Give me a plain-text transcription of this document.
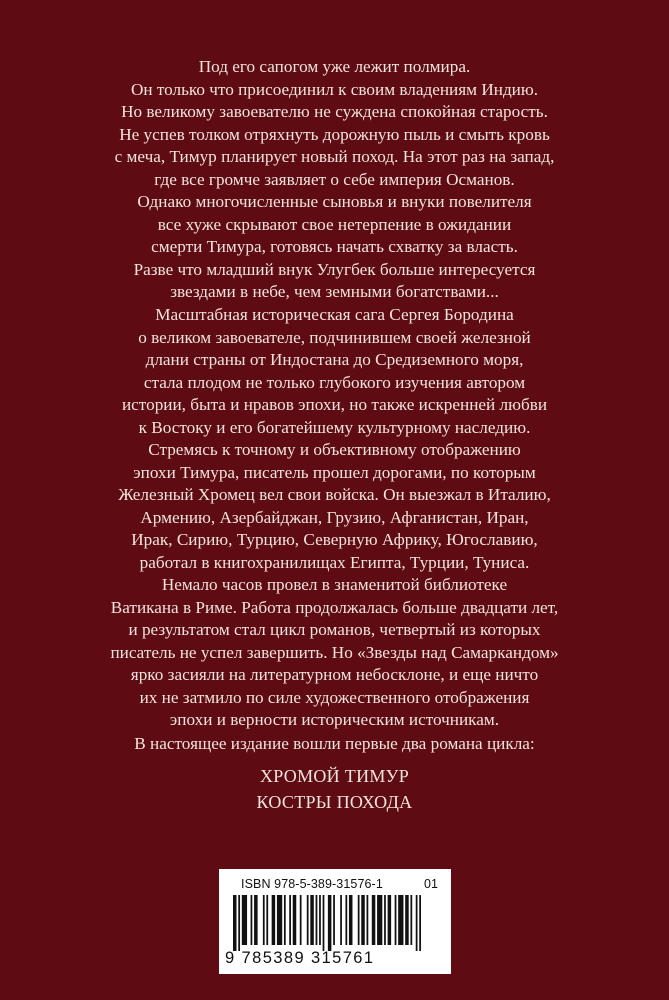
Под его сапогом уже лежит полмира.
Он только что присоединил к своим владениям Индию.
Но великому завоевателю не суждена спокойная старость.
Не успев толком отряхнуть дорожную пыль и смыть кровь
с меча, Тимур планирует новый поход. На этот раз на запад,
где все громче заявляет о себе империя Османов.
Однако многочисленные сыновья и внуки повелителя
все хуже скрывают свое нетерпение в ожидании
смерти Тимура, готовясь начать схватку за власть.
Разве что младший внук Улугбек больше интересуется
звездами в небе, чем земными богатствами...
Масштабная историческая сага Сергея Бородина
о великом завоевателе, подчинившем своей железной
длани страны от Индостана до Средиземного моря,
стала плодом не только глубокого изучения автором
истории, быта и нравов эпохи, но также искренней любви
к Востоку и его богатейшему культурному наследию.
Стремясь к точному и объективному отображению
эпохи Тимура, писатель прошел дорогами, по которым
Железный Хромец вел свои войска. Он выезжал в Италию,
Армению, Азербайджан, Грузию, Афганистан, Иран,
Ирак, Сирию, Турцию, Северную Африку, Югославию,
работал в книгохранилищах Египта, Турции, Туниса.
Немало часов провел в знаменитой библиотеке
Ватикана в Риме. Работа продолжалась больше двадцати лет,
и результатом стал цикл романов, четвертый из которых
писатель не успел завершить. Но «Звезды над Самаркандом»
ярко засияли на литературном небосклоне, и еще ничто
их не затмило по силе художественного отображения
эпохи и верности историческим источникам.
В настоящее издание вошли первые два романа цикла:
ХРОМОЙ ТИМУР
КОСТРЫ ПОХОДА
ISBN 978-5-389-31576-1	01
9 785389 315761
